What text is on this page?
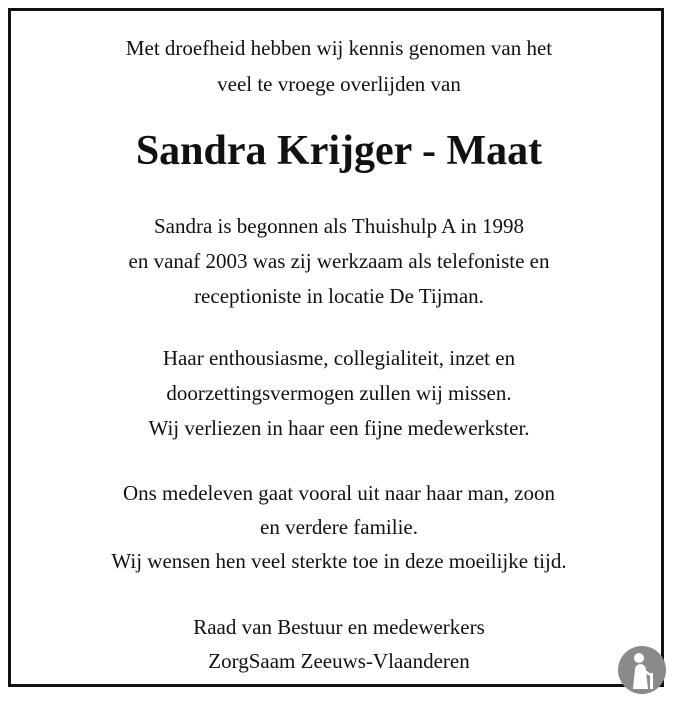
Met droefheid hebben wij kennis genomen van het
veel te vroege overlijden van
Sandra Krijger - Maat
Sandra is begonnen als Thuishulp A in 1998
en vanaf 2003 was zij werkzaam als telefoniste en
receptioniste in locatie De Tijman.
Haar enthousiasme, collegialiteit, inzet en
doorzettingsvermogen zullen wij missen.
Wij verliezen in haar een fijne medewerkster.
Ons medeleven gaat vooral uit naar haar man, zoon
en verdere familie.
Wij wensen hen veel sterkte toe in deze moeilijke tijd.
Raad van Bestuur en medewerkers
ZorgSaam Zeeuws-Vlaanderen
